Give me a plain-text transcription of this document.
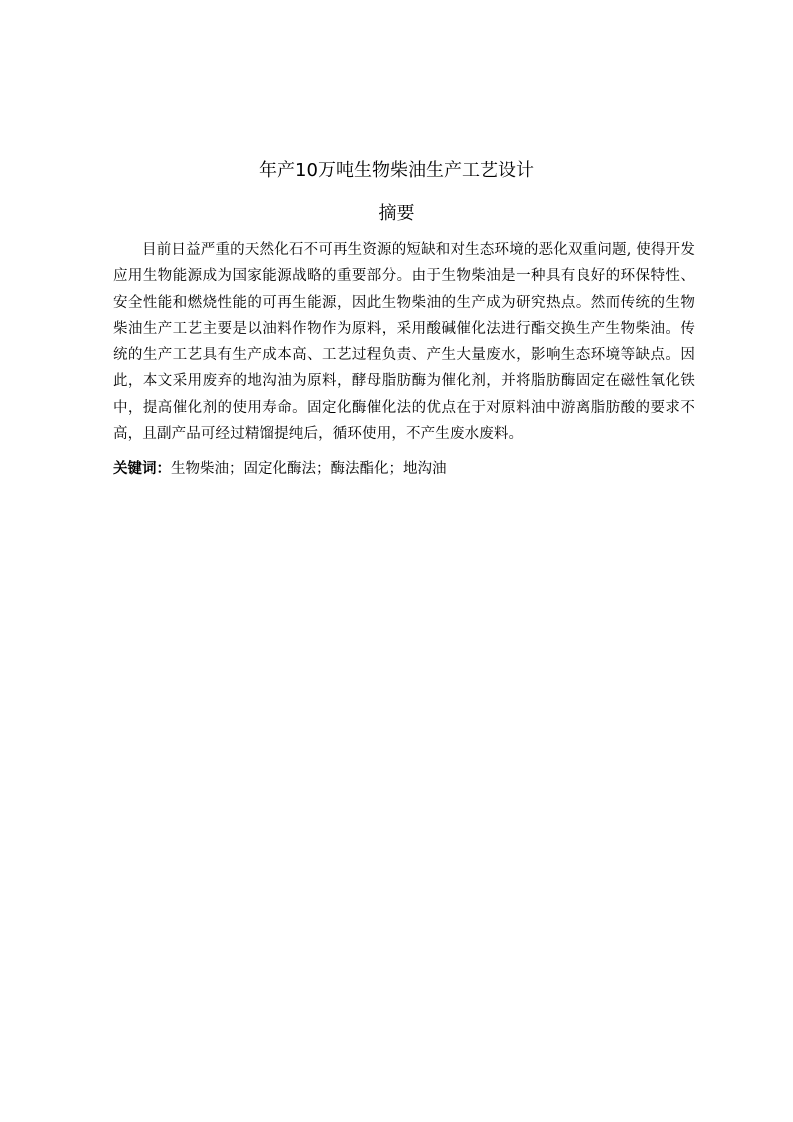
年产10万吨生物柴油生产工艺设计
摘要

目前日益严重的天然化石不可再生资源的短缺和对生态环境的恶化双重问题, 使得开发应用生物能源成为国家能源战略的重要部分。由于生物柴油是一种具有良好的环保特性、安全性能和燃烧性能的可再生能源，因此生物柴油的生产成为研究热点。然而传统的生物柴油生产工艺主要是以油料作物作为原料，采用酸碱催化法进行酯交换生产生物柴油。传统的生产工艺具有生产成本高、工艺过程负责、产生大量废水，影响生态环境等缺点。因此，本文采用废弃的地沟油为原料，酵母脂肪酶为催化剂，并将脂肪酶固定在磁性氧化铁中，提高催化剂的使用寿命。固定化酶催化法的优点在于对原料油中游离脂肪酸的要求不高，且副产品可经过精馏提纯后，循环使用，不产生废水废料。

关键词：生物柴油；固定化酶法；酶法酯化；地沟油
